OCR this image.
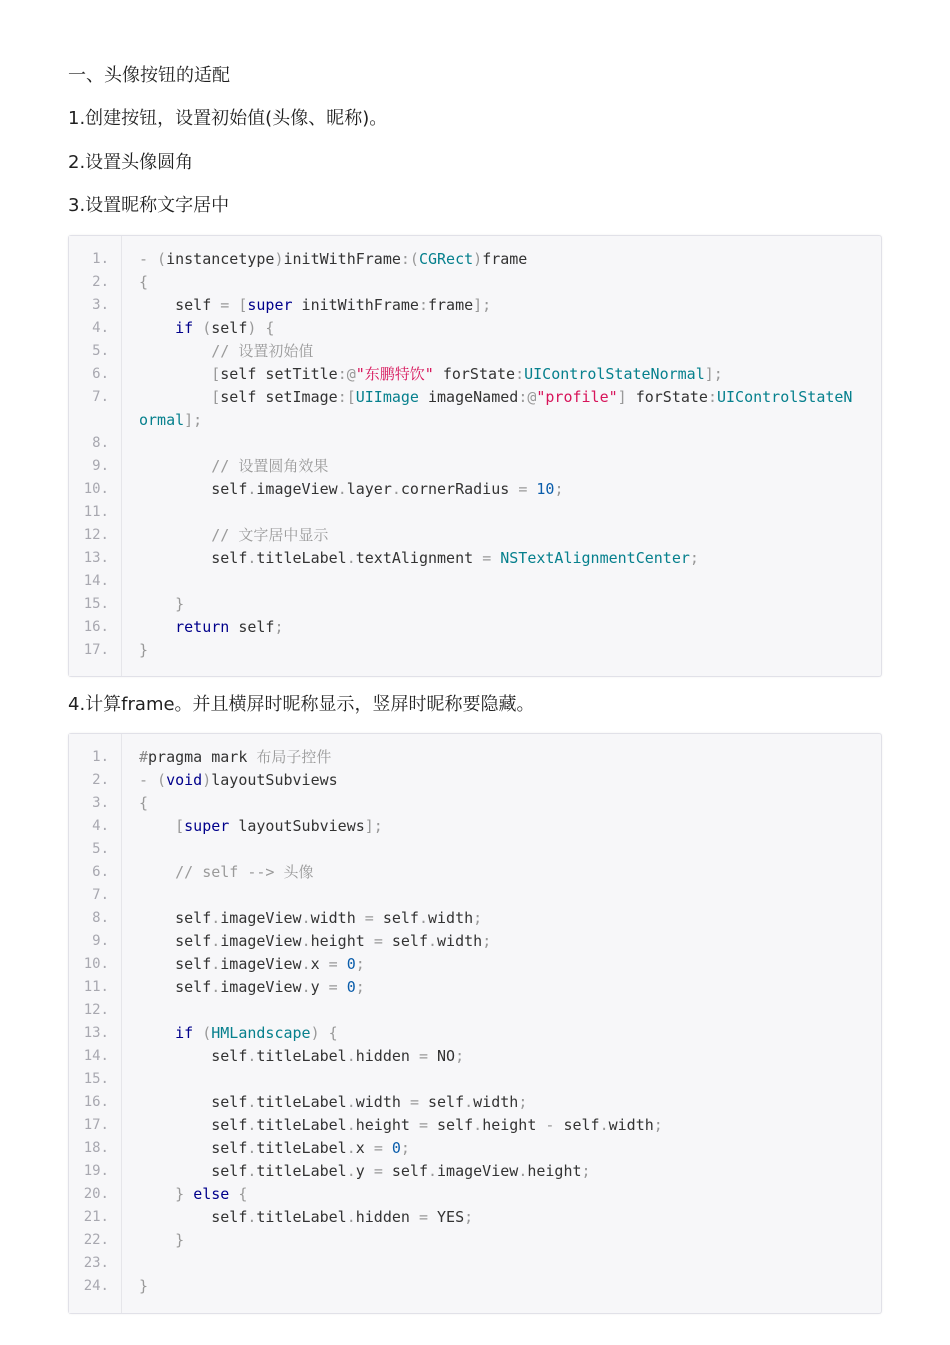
一、头像按钮的适配
1.创建按钮，设置初始值(头像、昵称)。
2.设置头像圆角
3.设置昵称文字居中
1. - (instancetype)initWithFrame:(CGRect)frame
2. {
3. self = [super initWithFrame:frame];
4.	if (self) {
5.	// 设置初始值
6.	[self setTitle:@"东鹏特饮" forState:UIControlStateNormal];
7.	[self setImage:[UIImage imageNamed:@"profile"] forState:UIControlStateN
ormal];
8.
9.	// 设置圆角效果
10. self.imageView.layer.cornerRadius = 10;
11.
12.	// 文字居中显示
13. self.titleLabel.textAlignment = NSTextAlignmentCenter;
14.
15.	}
16.	return self;
17. }
4.计算frame。并且横屏时昵称显示，竖屏时昵称要隐藏。
1. #pragma mark 布局子控件
2. - (void)layoutSubviews
3. {
4.	[super layoutSubviews];
5.
6.	// self --> 头像
7.
8. self.imageView.width = self.width;
9. self.imageView.height = self.width;
10. self.imageView.x = 0;
11. self.imageView.y = 0;
12.
13.	if (HMLandscape) {
14. self.titleLabel.hidden = NO;
15.
16. self.titleLabel.width = self.width;
17. self.titleLabel.height = self.height - self.width;
18. self.titleLabel.x = 0;
19. self.titleLabel.y = self.imageView.height;
20.	} else {
21. self.titleLabel.hidden = YES;
22.	}
23.
24. }
